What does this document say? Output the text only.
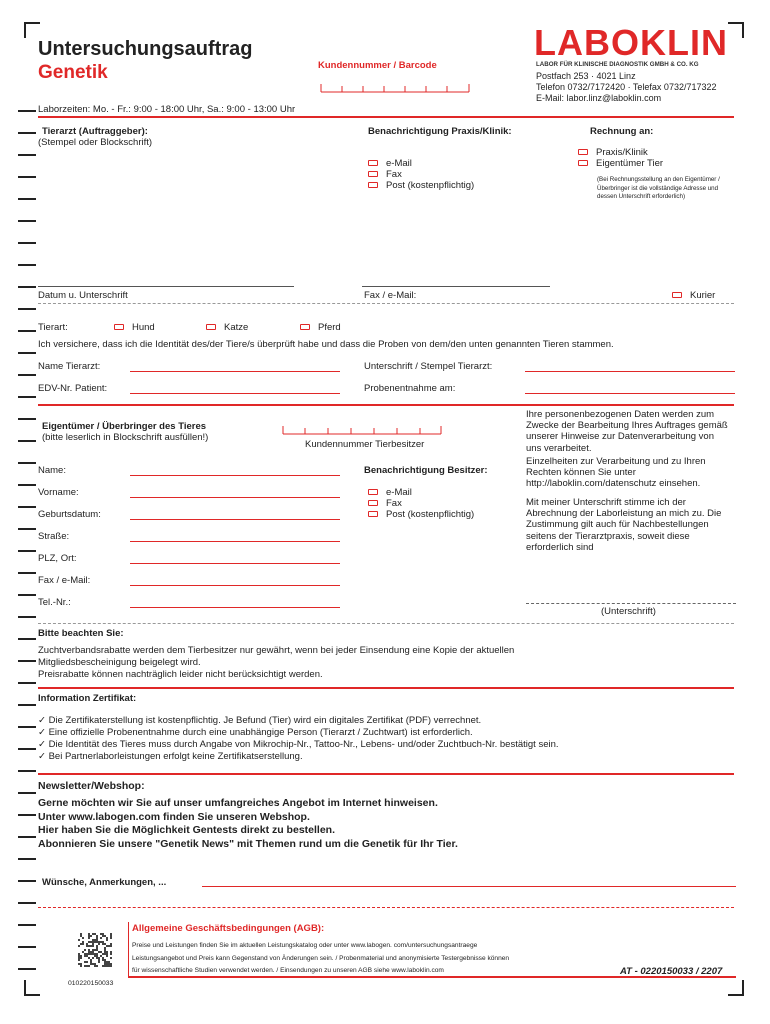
Untersuchungsauftrag
Genetik	Kundennummer / Barcode
LABOKLIN
LABOR FÜR KLINISCHE DIAGNOSTIK GMBH & CO. KG
Postfach 253 · 4021 Linz
Telefon 0732/7172420 · Telefax 0732/717322
E-Mail: labor.linz@laboklin.com
Laborzeiten: Mo. - Fr.: 9:00 - 18:00 Uhr, Sa.: 9:00 - 13:00 Uhr
Tierarzt (Auftraggeber):
(Stempel oder Blockschrift)
Benachrichtigung Praxis/Klinik:
e-Mail
Fax
Post (kostenpflichtig)
Rechnung an:
Praxis/Klinik
Eigentümer Tier
(Bei Rechnungsstellung an den Eigentümer / Überbringer ist die vollständige Adresse und dessen Unterschrift erforderlich)
Datum u. Unterschrift	Fax / e-Mail:	Kurier
Tierart:	Hund	Katze	Pferd
Ich versichere, dass ich die Identität des/der Tiere/s überprüft habe und dass die Proben von dem/den unten genannten Tieren stammen.
Name Tierarzt:	Unterschrift / Stempel Tierarzt:
EDV-Nr. Patient:	Probenentnahme am:
Eigentümer / Überbringer des Tieres
(bitte leserlich in Blockschrift ausfüllen!)
Kundennummer Tierbesitzer
Name:
Vorname:
Geburtsdatum:
Straße:
PLZ, Ort:
Fax / e-Mail:
Tel.-Nr.:
Benachrichtigung Besitzer:
e-Mail
Fax
Post (kostenpflichtig)
Ihre personenbezogenen Daten werden zum Zwecke der Bearbeitung Ihres Auftrages gemäß unserer Hinweise zur Datenverarbeitung von uns verarbeitet.
Einzelheiten zur Verarbeitung und zu Ihren Rechten können Sie unter http://laboklin.com/datenschutz einsehen.
Mit meiner Unterschrift stimme ich der Abrechnung der Laborleistung an mich zu. Die Zustimmung gilt auch für Nachbestellungen seitens der Tierarztpraxis, soweit diese erforderlich sind
(Unterschrift)
Bitte beachten Sie:
Zuchtverbandsrabatte werden dem Tierbesitzer nur gewährt, wenn bei jeder Einsendung eine Kopie der aktuellen
Mitgliedsbescheinigung beigelegt wird.
Preisrabatte können nachträglich leider nicht berücksichtigt werden.
Information Zertifikat:
✓ Die Zertifikaterstellung ist kostenpflichtig. Je Befund (Tier) wird ein digitales Zertifikat (PDF) verrechnet.
✓ Eine offizielle Probenentnahme durch eine unabhängige Person (Tierarzt / Zuchtwart) ist erforderlich.
✓ Die Identität des Tieres muss durch Angabe von Mikrochip-Nr., Tattoo-Nr., Lebens- und/oder Zuchtbuch-Nr. bestätigt sein.
✓ Bei Partnerlaborleistungen erfolgt keine Zertifikatserstellung.
Newsletter/Webshop:
Gerne möchten wir Sie auf unser umfangreiches Angebot im Internet hinweisen.
Unter www.labogen.com finden Sie unseren Webshop.
Hier haben Sie die Möglichkeit Gentests direkt zu bestellen.
Abonnieren Sie unsere "Genetik News" mit Themen rund um die Genetik für Ihr Tier.
Wünsche, Anmerkungen, ...
Allgemeine Geschäftsbedingungen (AGB):
Preise und Leistungen finden Sie im aktuellen Leistungskatalog oder unter www.labogen. com/untersuchungsantraege
Leistungsangebot und Preis kann Gegenstand von Änderungen sein. / Probenmaterial und anonymisierte Testergebnisse können
für wissenschaftliche Studien verwendet werden. / Einsendungen zu unseren AGB siehe www.laboklin.com	AT - 0220150033 / 2207
010220150033
